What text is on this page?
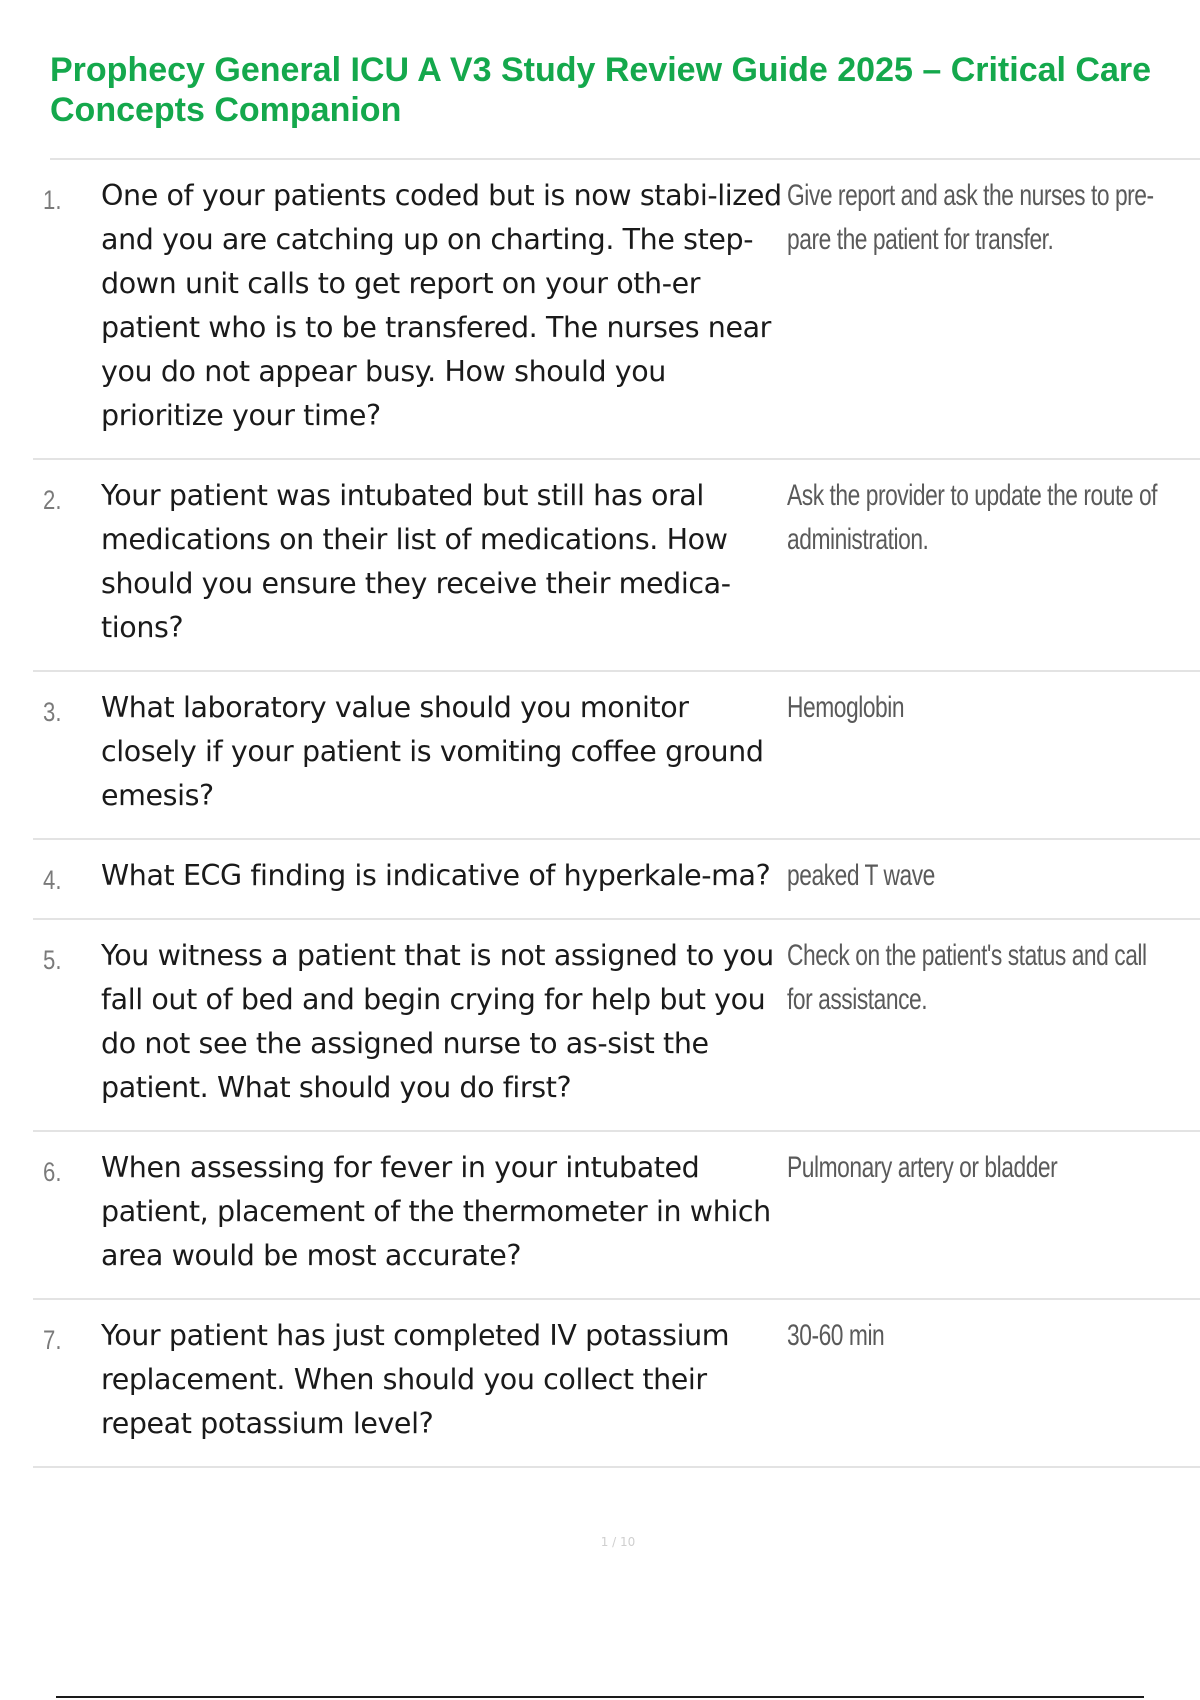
Prophecy General ICU A V3 Study Review Guide 2025 – Critical Care
Concepts Companion
1. One of your patients coded but is now stabi-lized and you are catching up on charting. The step-down unit calls to get report on your oth-er patient who is to be transfered. The nurses near you do not appear busy. How should you prioritize your time?
Give report and ask the nurses to pre-pare the patient for transfer.
2. Your patient was intubated but still has oral medications on their list of medications. How should you ensure they receive their medica-tions?
Ask the provider to update the route of administration.
3. What laboratory value should you monitor closely if your patient is vomiting coffee ground emesis?
Hemoglobin
4. What ECG finding is indicative of hyperkale-ma? peaked T wave
5. You witness a patient that is not assigned to you fall out of bed and begin crying for help but you do not see the assigned nurse to as-sist the patient. What should you do first?
Check on the patient's status and call for assistance.
6. When assessing for fever in your intubated patient, placement of the thermometer in which area would be most accurate?
Pulmonary artery or bladder
7. Your patient has just completed IV potassium replacement. When should you collect their repeat potassium level?
30-60 min
1 / 10
